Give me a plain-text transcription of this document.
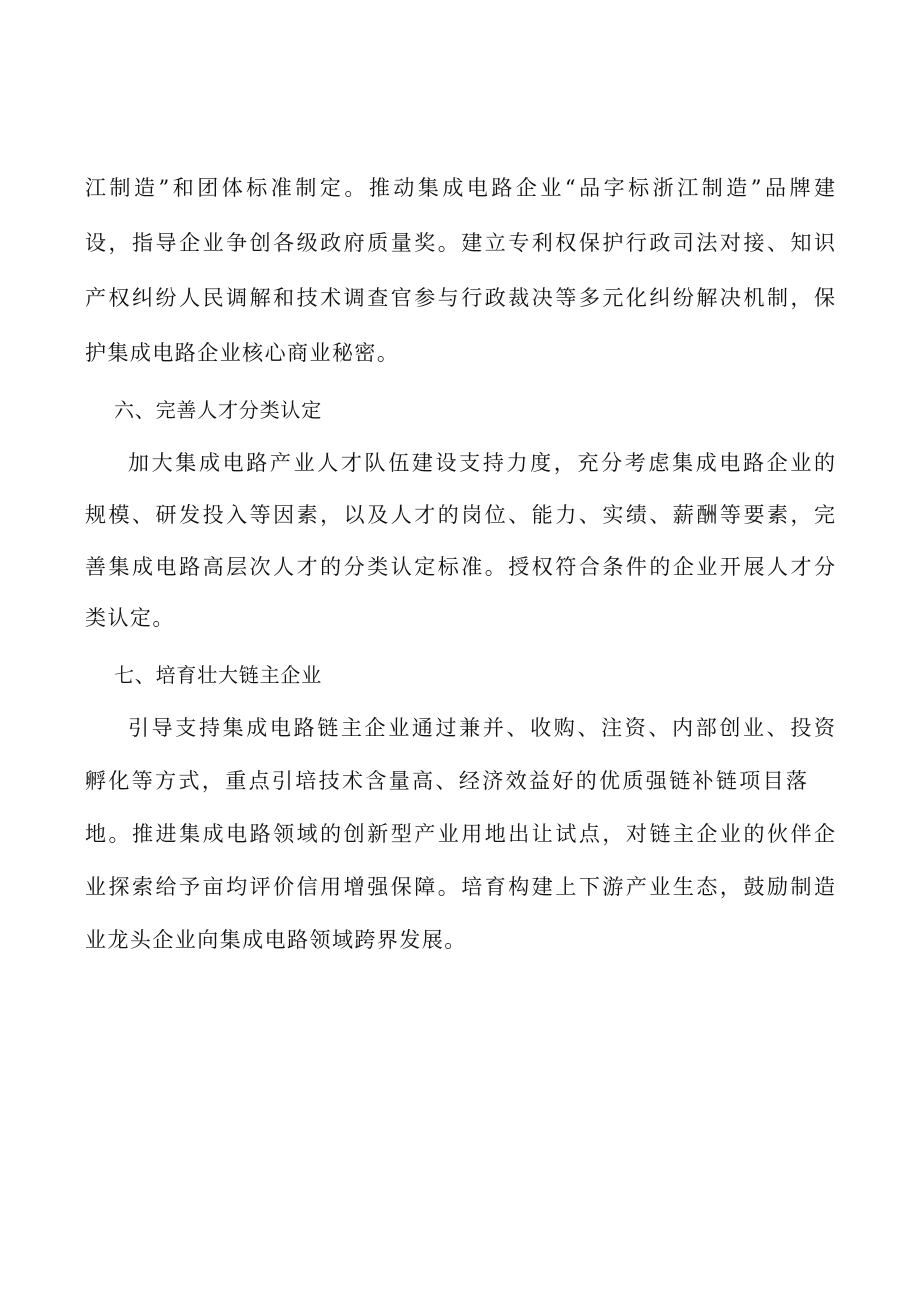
江制造”和团体标准制定。推动集成电路企业“品字标浙江制造”品牌建
设，指导企业争创各级政府质量奖。建立专利权保护行政司法对接、知识
产权纠纷人民调解和技术调查官参与行政裁决等多元化纠纷解决机制，保
护集成电路企业核心商业秘密。
六、完善人才分类认定
加大集成电路产业人才队伍建设支持力度，充分考虑集成电路企业的
规模、研发投入等因素，以及人才的岗位、能力、实绩、薪酬等要素，完
善集成电路高层次人才的分类认定标准。授权符合条件的企业开展人才分
类认定。
七、培育壮大链主企业
引导支持集成电路链主企业通过兼并、收购、注资、内部创业、投资
孵化等方式，重点引培技术含量高、经济效益好的优质强链补链项目落
地。推进集成电路领域的创新型产业用地出让试点，对链主企业的伙伴企
业探索给予亩均评价信用增强保障。培育构建上下游产业生态，鼓励制造
业龙头企业向集成电路领域跨界发展。
